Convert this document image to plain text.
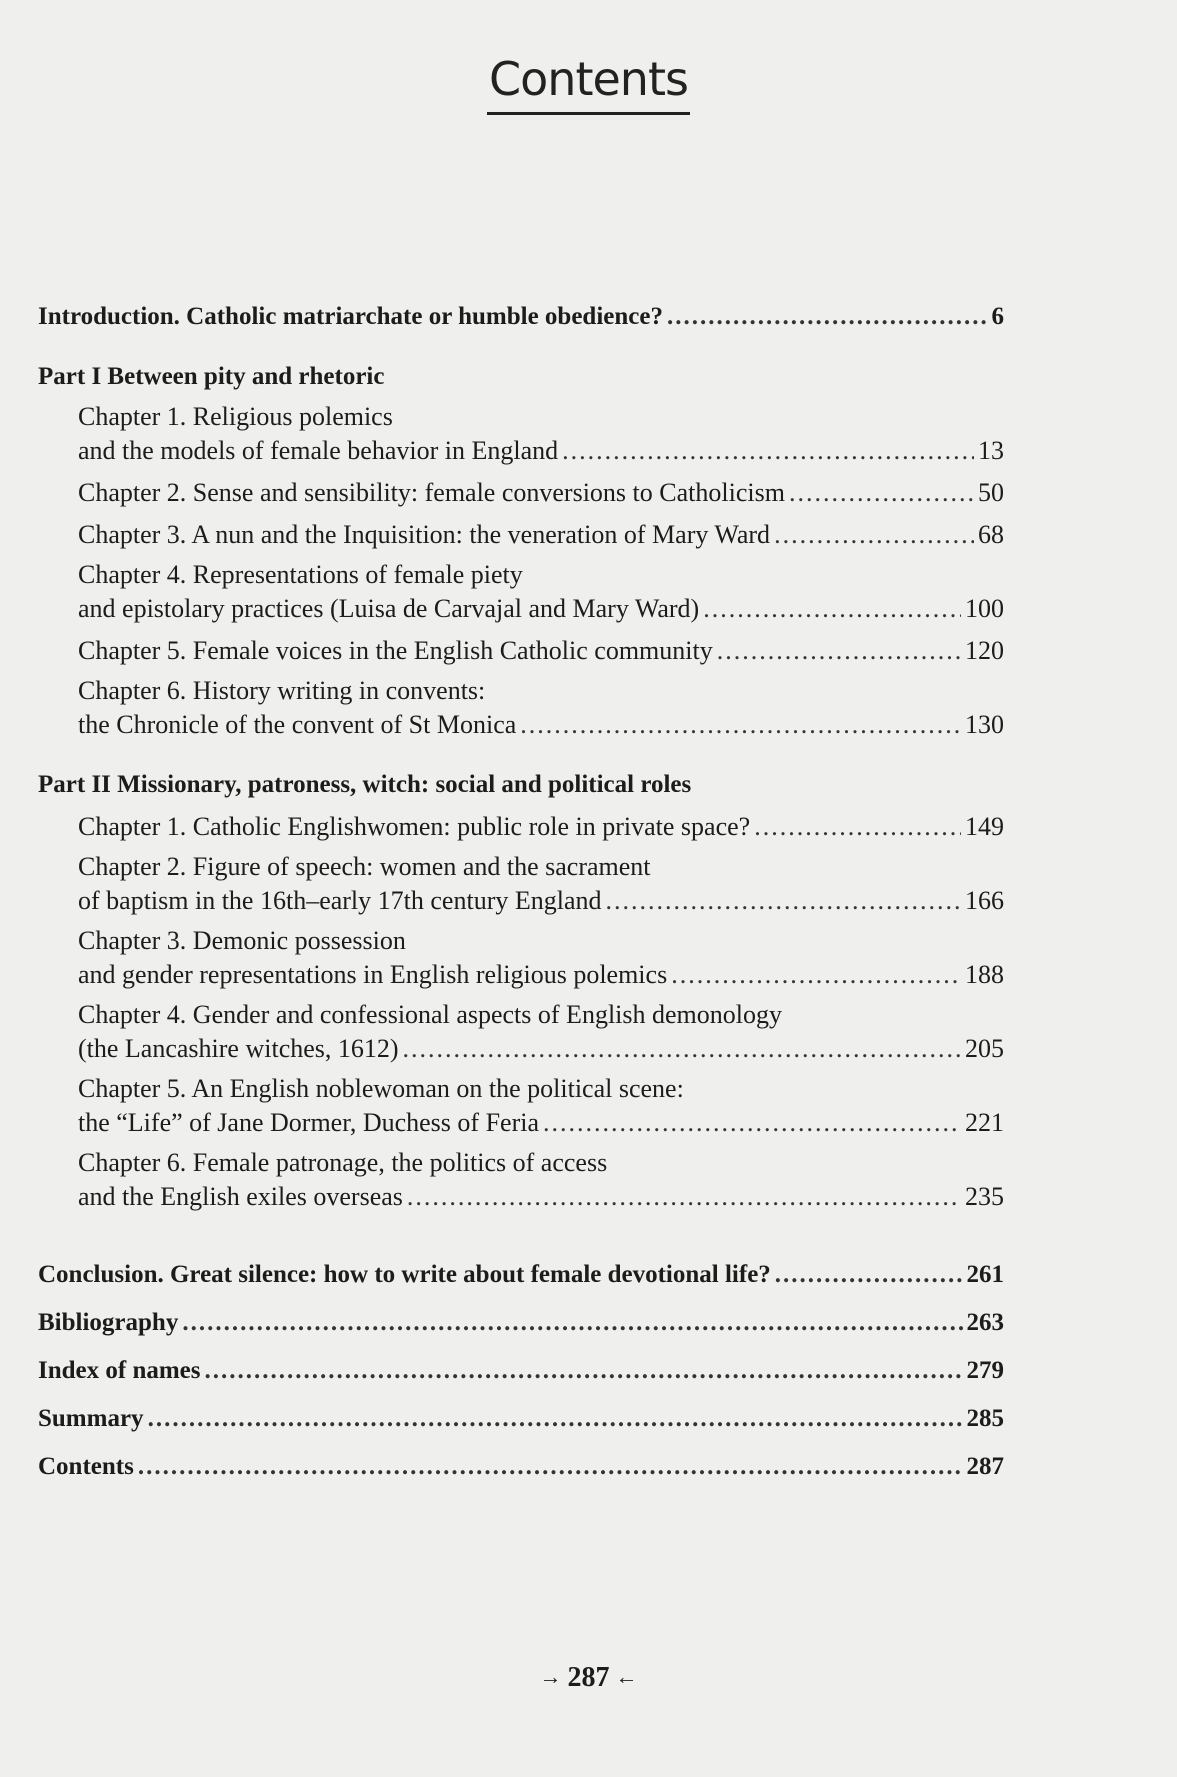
Contents
Introduction. Catholic matriarchate or humble obedience? .....	6
Part I Between pity and rhetoric
Chapter 1. Religious polemics
and the models of female behavior in England .....	13
Chapter 2. Sense and sensibility: female conversions to Catholicism .....	50
Chapter 3. A nun and the Inquisition: the veneration of Mary Ward .....	68
Chapter 4. Representations of female piety
and epistolary practices (Luisa de Carvajal and Mary Ward) .....	100
Chapter 5. Female voices in the English Catholic community .....	120
Chapter 6. History writing in convents:
the Chronicle of the convent of St Monica .....	130
Part II Missionary, patroness, witch: social and political roles
Chapter 1. Catholic Englishwomen: public role in private space? .....	149
Chapter 2. Figure of speech: women and the sacrament
of baptism in the 16th–early 17th century England .....	166
Chapter 3. Demonic possession
and gender representations in English religious polemics .....	188
Chapter 4. Gender and confessional aspects of English demonology
(the Lancashire witches, 1612) .....	205
Chapter 5. An English noblewoman on the political scene:
the “Life” of Jane Dormer, Duchess of Feria .....	221
Chapter 6. Female patronage, the politics of access
and the English exiles overseas .....	235
Conclusion. Great silence: how to write about female devotional life? .....	261
Bibliography .....	263
Index of names .....	279
Summary .....	285
Contents .....	287
→ 287 ←
